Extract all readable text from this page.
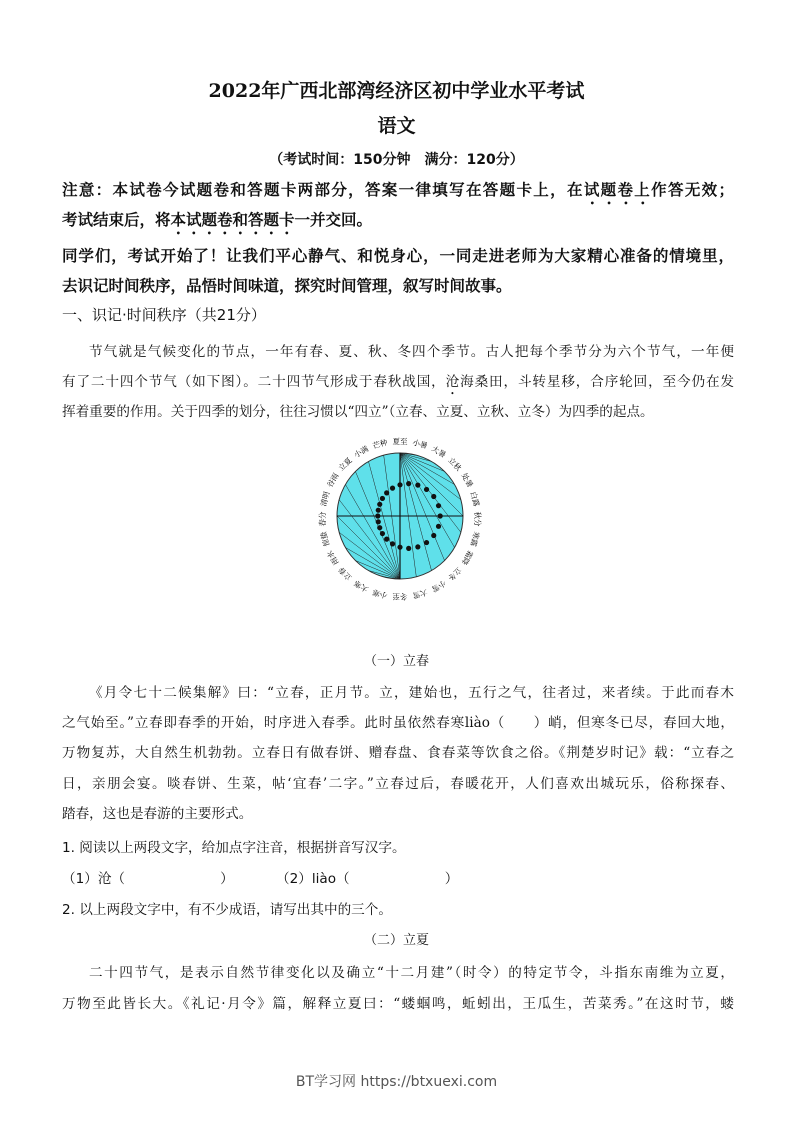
2022年广西北部湾经济区初中学业水平考试
语文
（考试时间：150分钟　满分：120分）
注意：本试卷今试题卷和答题卡两部分，答案一律填写在答题卡上，在试题卷上作答无效；
考试结束后，将本试题卷和答题卡一并交回。
同学们，考试开始了！让我们平心静气、和悦身心，一同走进老师为大家精心准备的情境里，
去识记时间秩序，品悟时间味道，探究时间管理，叙写时间故事。
一、识记·时间秩序（共21分）
节气就是气候变化的节点，一年有春、夏、秋、冬四个季节。古人把每个季节分为六个节气，一年便
有了二十四个节气（如下图）。二十四节气形成于春秋战国，沧海桑田，斗转星移，合序轮回，至今仍在发
挥着重要的作用。关于四季的划分，往往习惯以“四立”（立春、立夏、立秋、立冬）为四季的起点。
夏至 小暑
大暑
立秋
处暑
白露
秋分
寒露
霜降
立冬
小雪
大雪
冬至
小寒
大寒
立春
雨水
惊蛰
春分
清明
谷雨
立夏
小满
芒种
（一）立春
《月令七十二候集解》曰：“立春，正月节。立，建始也，五行之气，往者过，来者续。于此而春木
之气始至。”立春即春季的开始，时序进入春季。此时虽依然春寒liào（　　）峭，但寒冬已尽，春回大地，
万物复苏，大自然生机勃勃。立春日有做春饼、赠春盘、食春菜等饮食之俗。《荆楚岁时记》载：“立春之
日，亲朋会宴。啖春饼、生菜，帖‘宜春’二字。”立春过后，春暖花开，人们喜欢出城玩乐，俗称探春、
踏春，这也是春游的主要形式。
1. 阅读以上两段文字，给加点字注音，根据拼音写汉字。
（1）沧（　　　　　　　）	（2）liào（　　　　　　　）
2. 以上两段文字中，有不少成语，请写出其中的三个。
（二）立夏
二十四节气，是表示自然节律变化以及确立“十二月建”（时令）的特定节令，斗指东南维为立夏，
万物至此皆长大。《礼记·月令》篇，解释立夏曰：“蝼蝈鸣，蚯蚓出，王瓜生，苦菜秀。”在这时节，蝼
BT学习网 https://btxuexi.com
